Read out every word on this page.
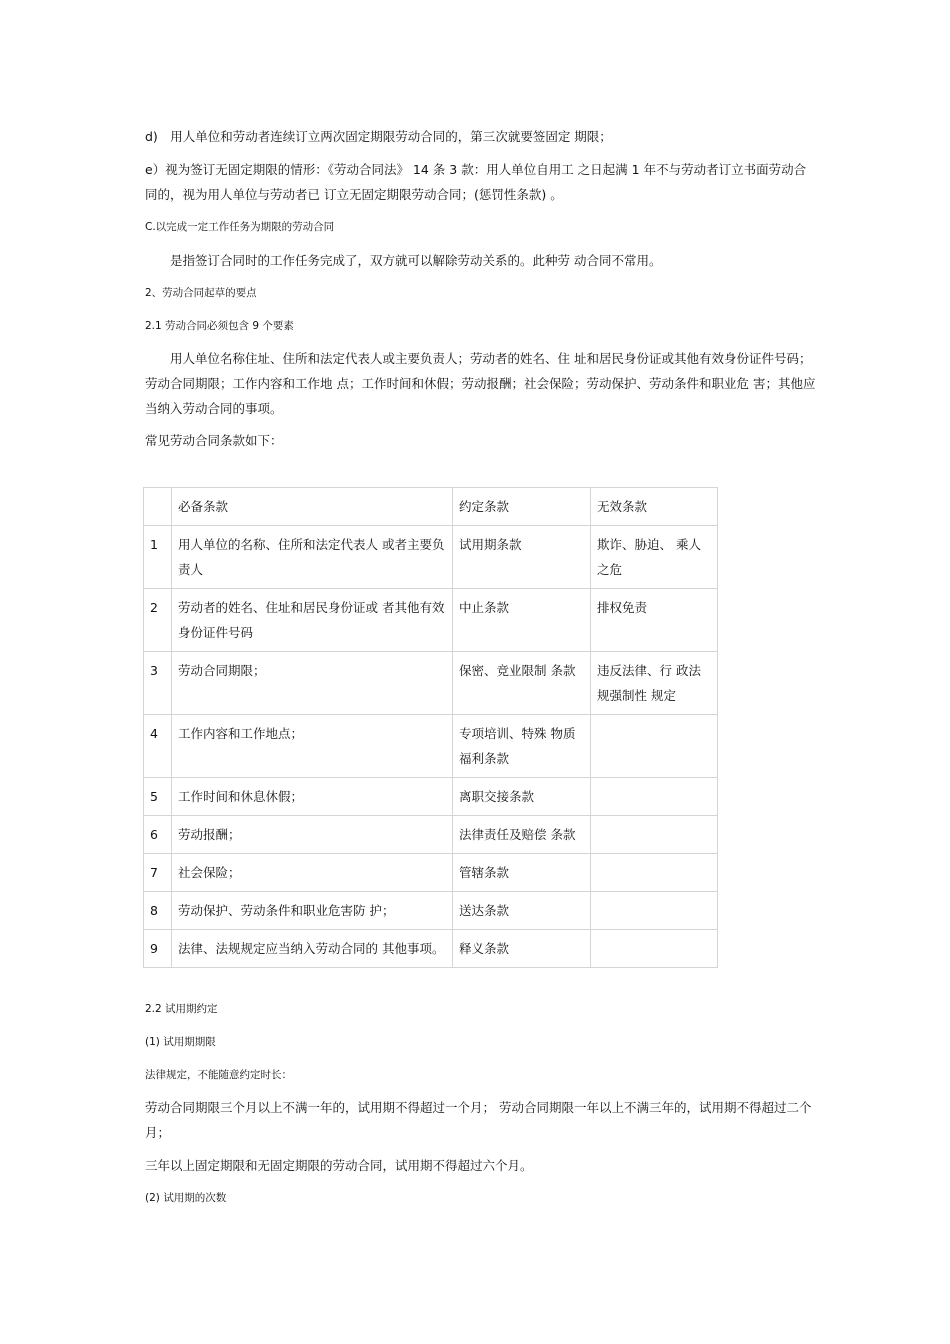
d)　用人单位和劳动者连续订立两次固定期限劳动合同的，第三次就要签固定 期限；

e）视为签订无固定期限的情形：《劳动合同法》 14 条 3 款：用人单位自用工 之日起满 1 年不与劳动者订立书面劳动合同的，视为用人单位与劳动者已 订立无固定期限劳动合同；(惩罚性条款) 。

C.以完成一定工作任务为期限的劳动合同

是指签订合同时的工作任务完成了，双方就可以解除劳动关系的。此种劳 动合同不常用。

2、劳动合同起草的要点

2.1 劳动合同必须包含 9 个要素

用人单位名称住址、住所和法定代表人或主要负责人；劳动者的姓名、住 址和居民身份证或其他有效身份证件号码；劳动合同期限；工作内容和工作地 点；工作时间和休假；劳动报酬；社会保险；劳动保护、劳动条件和职业危 害；其他应当纳入劳动合同的事项。

常见劳动合同条款如下：

	必备条款	约定条款	无效条款
1	用人单位的名称、住所和法定代表人 或者主要负责人	试用期条款	欺诈、胁迫、 乘人之危
2	劳动者的姓名、住址和居民身份证或 者其他有效身份证件号码	中止条款	排权免责
3	劳动合同期限；	保密、竞业限制 条款	违反法律、行 政法规强制性 规定
4	工作内容和工作地点；	专项培训、特殊 物质福利条款	
5	工作时间和休息休假；	离职交接条款	
6	劳动报酬；	法律责任及赔偿 条款	
7	社会保险；	管辖条款	
8	劳动保护、劳动条件和职业危害防 护；	送达条款	
9	法律、法规规定应当纳入劳动合同的 其他事项。	释义条款	

2.2 试用期约定

(1) 试用期期限

法律规定，不能随意约定时长：

劳动合同期限三个月以上不满一年的，试用期不得超过一个月； 劳动合同期限一年以上不满三年的，试用期不得超过二个月；

三年以上固定期限和无固定期限的劳动合同，试用期不得超过六个月。

(2) 试用期的次数
